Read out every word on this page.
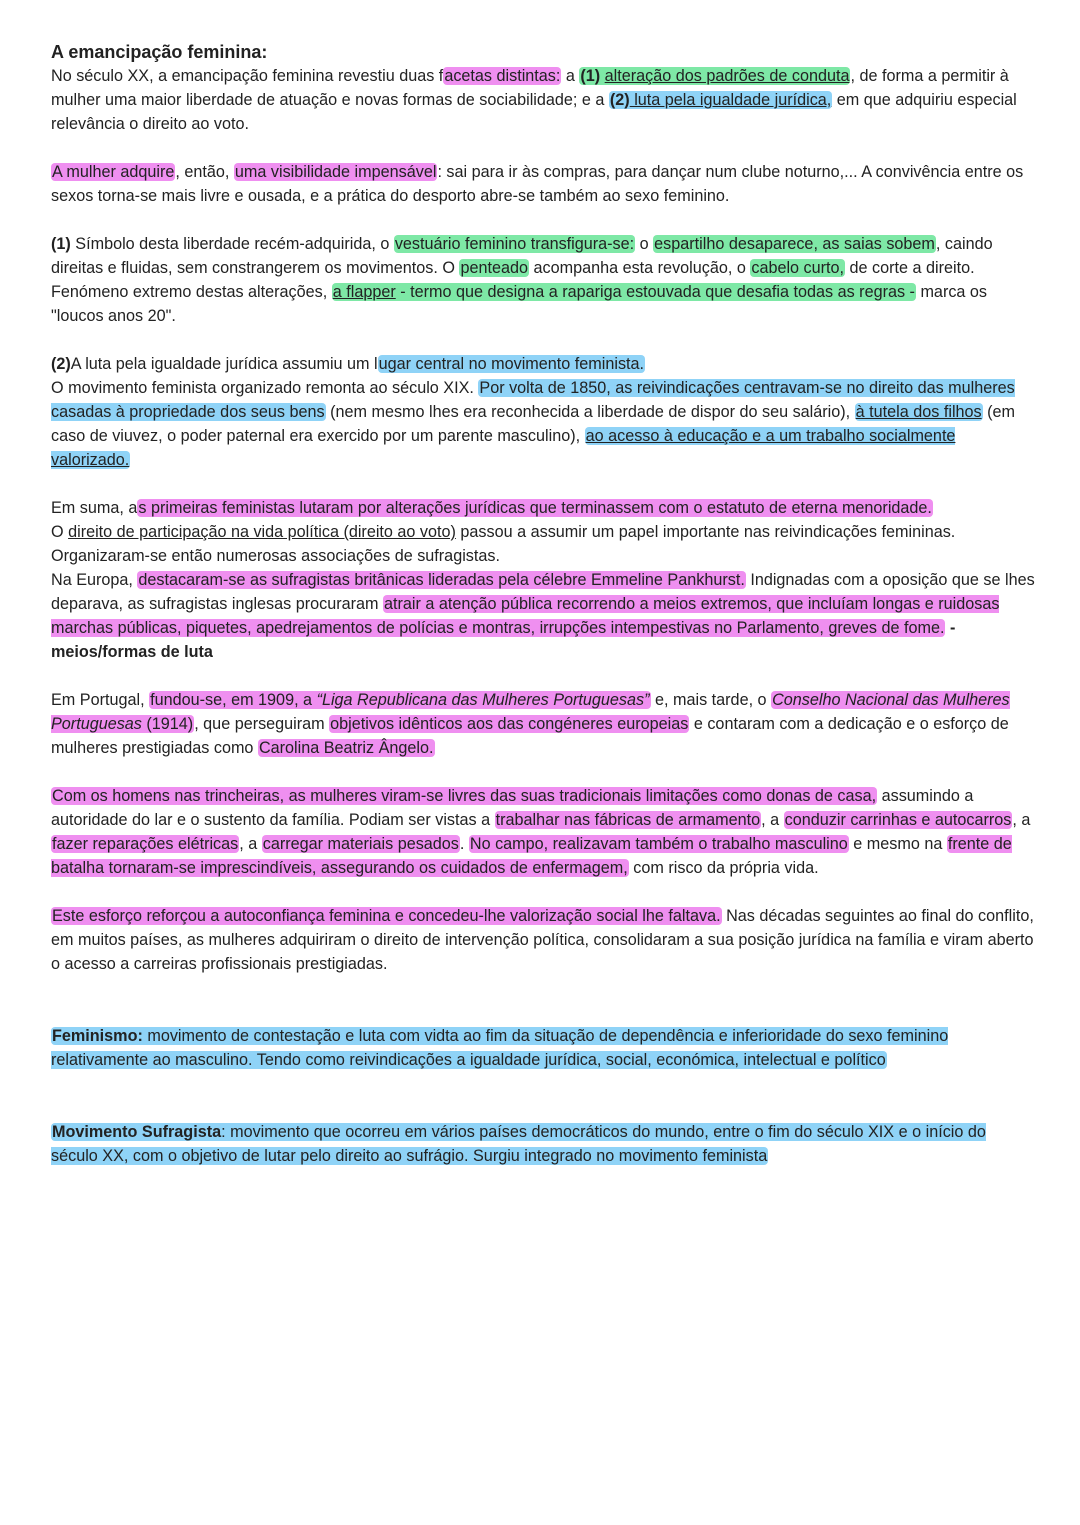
A emancipação feminina:

No século XX, a emancipação feminina revestiu duas facetas distintas: a (1) alteração dos padrões de conduta, de forma a permitir à mulher uma maior liberdade de atuação e novas formas de sociabilidade; e a (2) luta pela igualdade jurídica, em que adquiriu especial relevância o direito ao voto.

A mulher adquire, então, uma visibilidade impensável: sai para ir às compras, para dançar num clube noturno,... A convivência entre os sexos torna-se mais livre e ousada, e a prática do desporto abre-se também ao sexo feminino.

(1) Símbolo desta liberdade recém-adquirida, o vestuário feminino transfigura-se: o espartilho desaparece, as saias sobem, caindo direitas e fluidas, sem constrangerem os movimentos. O penteado acompanha esta revolução, o cabelo curto, de corte a direito.

Fenómeno extremo destas alterações, a flapper - termo que designa a rapariga estouvada que desafia todas as regras - marca os "loucos anos 20".

(2)A luta pela igualdade jurídica assumiu um lugar central no movimento feminista.

O movimento feminista organizado remonta ao século XIX. Por volta de 1850, as reivindicações centravam-se no direito das mulheres casadas à propriedade dos seus bens (nem mesmo lhes era reconhecida a liberdade de dispor do seu salário), à tutela dos filhos (em caso de viuvez, o poder paternal era exercido por um parente masculino), ao acesso à educação e a um trabalho socialmente valorizado.

Em suma, as primeiras feministas lutaram por alterações jurídicas que terminassem com o estatuto de eterna menoridade.

O direito de participação na vida política (direito ao voto) passou a assumir um papel importante nas reivindicações femininas. Organizaram-se então numerosas associações de sufragistas.

Na Europa, destacaram-se as sufragistas britânicas lideradas pela célebre Emmeline Pankhurst. Indignadas com a oposição que se lhes deparava, as sufragistas inglesas procuraram atrair a atenção pública recorrendo a meios extremos, que incluíam longas e ruidosas marchas públicas, piquetes, apedrejamentos de polícias e montras, irrupções intempestivas no Parlamento, greves de fome. - meios/formas de luta

Em Portugal, fundou-se, em 1909, a “Liga Republicana das Mulheres Portuguesas” e, mais tarde, o Conselho Nacional das Mulheres Portuguesas (1914), que perseguiram objetivos idênticos aos das congéneres europeias e contaram com a dedicação e o esforço de mulheres prestigiadas como Carolina Beatriz Ângelo.

Com os homens nas trincheiras, as mulheres viram-se livres das suas tradicionais limitações como donas de casa, assumindo a autoridade do lar e o sustento da família. Podiam ser vistas a trabalhar nas fábricas de armamento, a conduzir carrinhas e autocarros, a fazer reparações elétricas, a carregar materiais pesados. No campo, realizavam também o trabalho masculino e mesmo na frente de batalha tornaram-se imprescindíveis, assegurando os cuidados de enfermagem, com risco da própria vida.

Este esforço reforçou a autoconfiança feminina e concedeu-lhe valorização social lhe faltava. Nas décadas seguintes ao final do conflito, em muitos países, as mulheres adquiriram o direito de intervenção política, consolidaram a sua posição jurídica na família e viram aberto o acesso a carreiras profissionais prestigiadas.

Feminismo: movimento de contestação e luta com vidta ao fim da situação de dependência e inferioridade do sexo feminino relativamente ao masculino. Tendo como reivindicações a igualdade jurídica, social, económica, intelectual e político

Movimento Sufragista: movimento que ocorreu em vários países democráticos do mundo, entre o fim do século XIX e o início do século XX, com o objetivo de lutar pelo direito ao sufrágio. Surgiu integrado no movimento feminista
